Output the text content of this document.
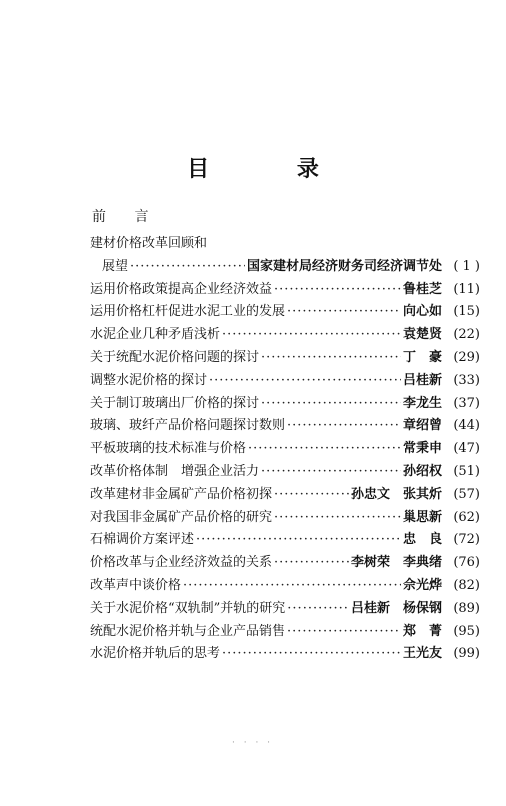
目 录
前 言
建材价格改革回顾和
展望 ·····	国家建材局经济财务司经济调节处 ( 1 )
运用价格政策提高企业经济效益 ·····	鲁桂芝 (11)
运用价格杠杆促进水泥工业的发展 ·····	向心如 (15)
水泥企业几种矛盾浅析 ·····	袁楚贤 (22)
关于统配水泥价格问题的探讨 ·····	丁　豪 (29)
调整水泥价格的探讨 ·····	吕桂新 (33)
关于制订玻璃出厂价格的探讨 ·····	李龙生 (37)
玻璃、玻纤产品价格问题探讨数则 ·····	章绍曾 (44)
平板玻璃的技术标准与价格 ·····	常秉申 (47)
改革价格体制　增强企业活力 ·····	孙绍权 (51)
改革建材非金属矿产品价格初探 ·····	孙忠文　张其炘 (57)
对我国非金属矿产品价格的研究 ·····	巢思新 (62)
石棉调价方案评述 ·····	忠　良 (72)
价格改革与企业经济效益的关系 ·····	李树荣　李典绪 (76)
改革声中谈价格 ·····	佘光烨 (82)
关于水泥价格“双轨制”并轨的研究 ·····	吕桂新　杨保钢 (89)
统配水泥价格并轨与企业产品销售 ·····	郑　菁 (95)
水泥价格并轨后的思考 ·····	王光友 (99)
· · · ·
